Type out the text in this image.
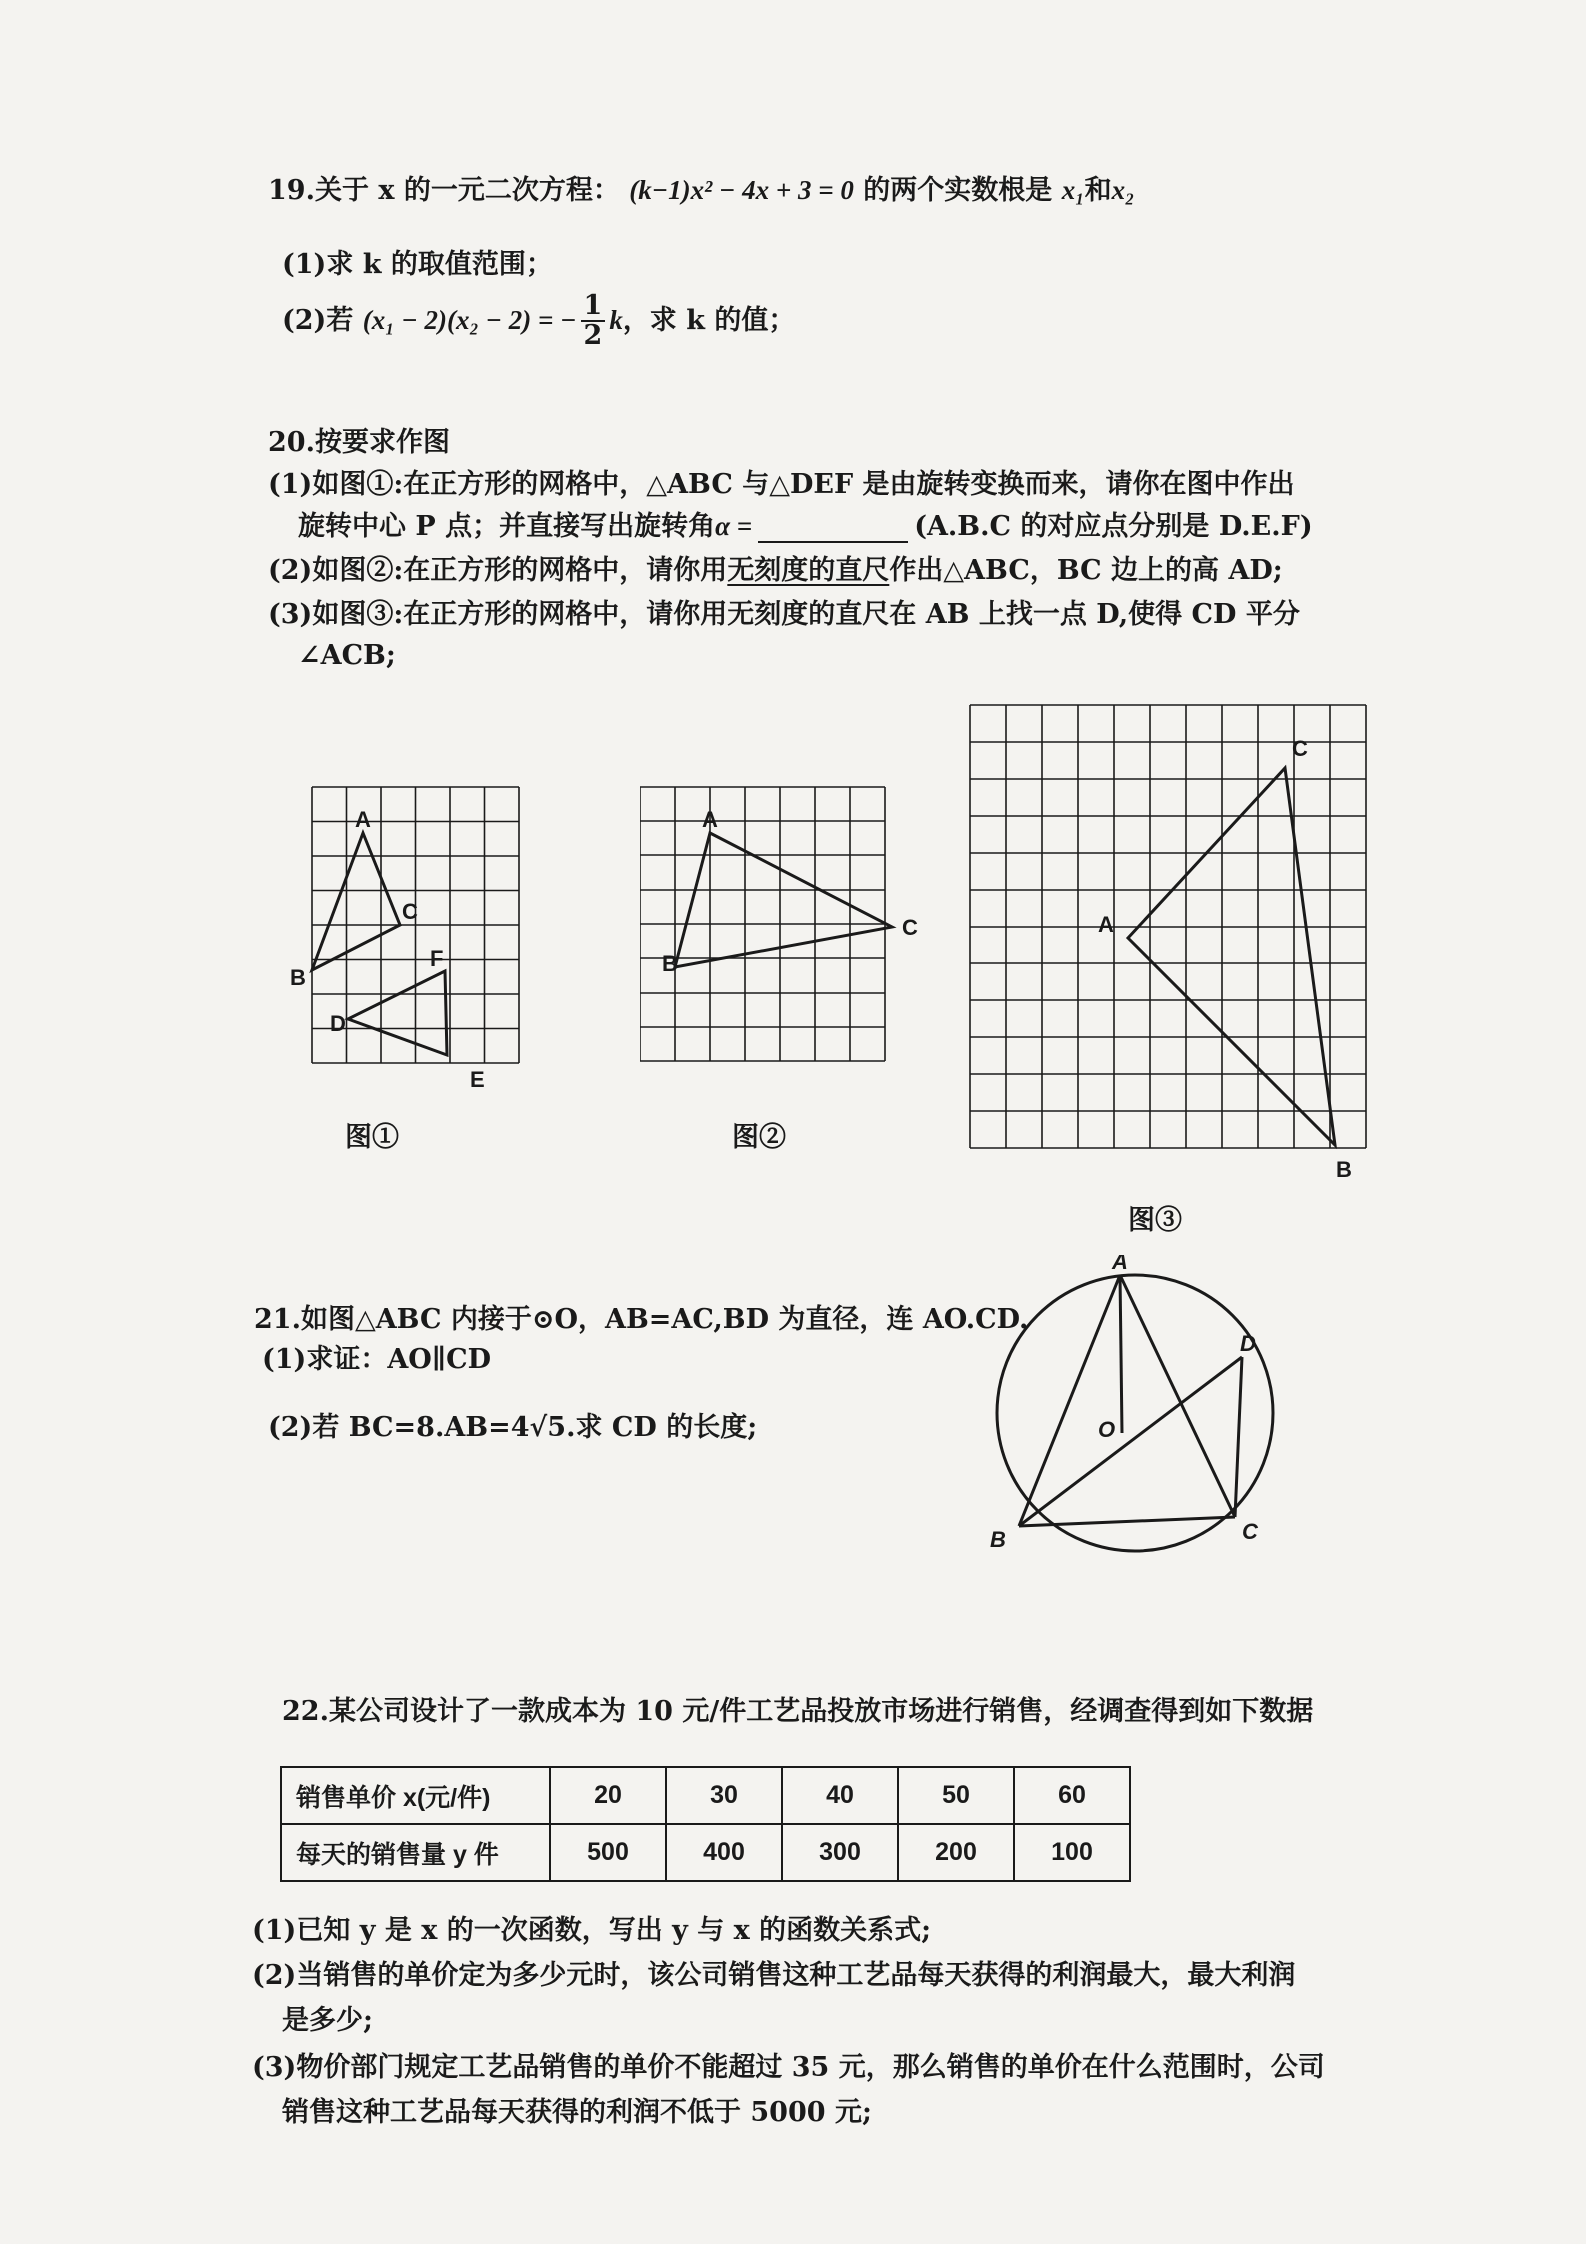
19.关于 x 的一元二次方程： (k−1)x² − 4x + 3 = 0 的两个实数根是 x₁和x₂
(1)求 k 的取值范围；
(2)若 (x₁ − 2)(x₂ − 2) = − $\frac{1}{2}$ k，求 k 的值；
20.按要求作图
(1)如图①:在正方形的网格中，△ABC 与△DEF 是由旋转变换而来，请你在图中作出
旋转中心 P 点；并直接写出旋转角α =	(A.B.C 的对应点分别是 D.E.F)
(2)如图②:在正方形的网格中，请你用无刻度的直尺作出△ABC，BC 边上的高 AD;
(3)如图③:在正方形的网格中，请你用无刻度的直尺在 AB 上找一点 D,使得 CD 平分
∠ACB;
A
B
C
D
E
F
图①
A
B
C
图②
A
B
C
图③
21.如图△ABC 内接于⊙O，AB=AC,BD 为直径，连 AO.CD.
(1)求证：AO∥CD
(2)若 BC=8.AB=4√5.求 CD 的长度;
A
B	C
D
O
22.某公司设计了一款成本为 10 元/件工艺品投放市场进行销售，经调查得到如下数据
销售单价 x(元/件)	20	30	40	50	60
每天的销售量 y 件	500	400	300	200	100
(1)已知 y 是 x 的一次函数，写出 y 与 x 的函数关系式;
(2)当销售的单价定为多少元时，该公司销售这种工艺品每天获得的利润最大，最大利润
是多少;
(3)物价部门规定工艺品销售的单价不能超过 35 元，那么销售的单价在什么范围时，公司
销售这种工艺品每天获得的利润不低于 5000 元;
